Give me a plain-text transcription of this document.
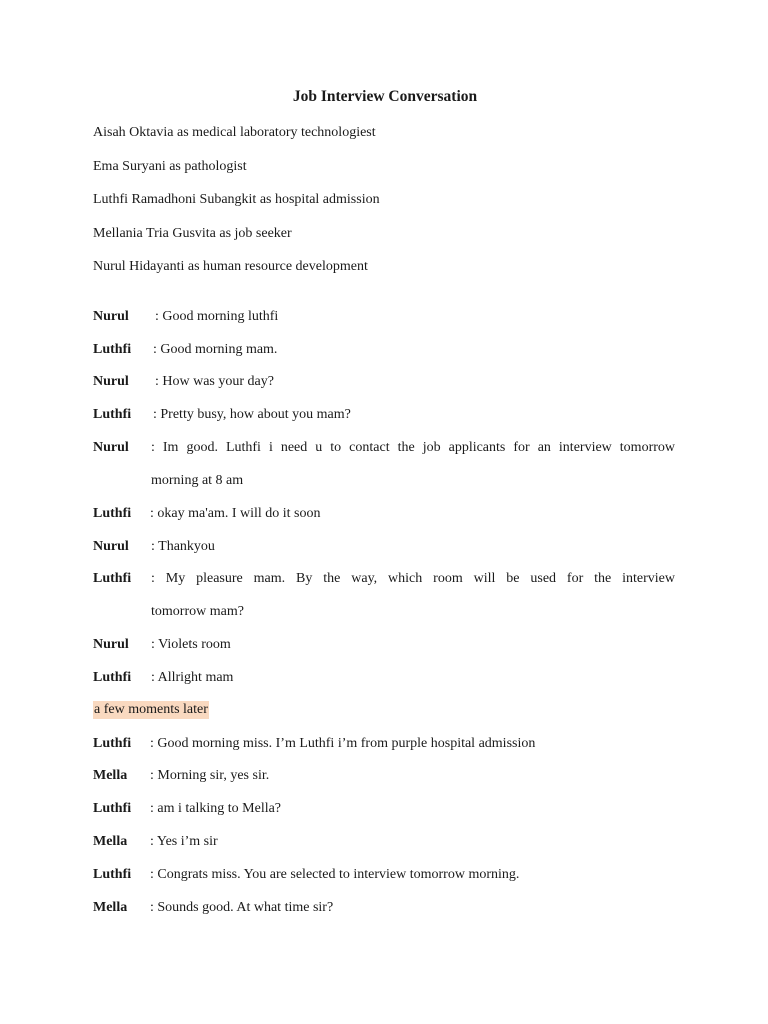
Job Interview Conversation
Aisah Oktavia as medical laboratory technologiest
Ema Suryani as pathologist
Luthfi Ramadhoni Subangkit as hospital admission
Mellania Tria Gusvita as job seeker
Nurul Hidayanti as human resource development
Nurul : Good morning luthfi
Luthfi : Good morning mam.
Nurul : How was your day?
Luthfi : Pretty busy, how about you mam?
Nurul : Im good. Luthfi i need u to contact the job applicants for an interview tomorrow
morning at 8 am
Luthfi : okay ma'am. I will do it soon
Nurul : Thankyou
Luthfi : My pleasure mam. By the way, which room will be used for the interview
tomorrow mam?
Nurul : Violets room
Luthfi : Allright mam
a few moments later
Luthfi : Good morning miss. I’m Luthfi i’m from purple hospital admission
Mella : Morning sir, yes sir.
Luthfi : am i talking to Mella?
Mella : Yes i’m sir
Luthfi : Congrats miss. You are selected to interview tomorrow morning.
Mella : Sounds good. At what time sir?
